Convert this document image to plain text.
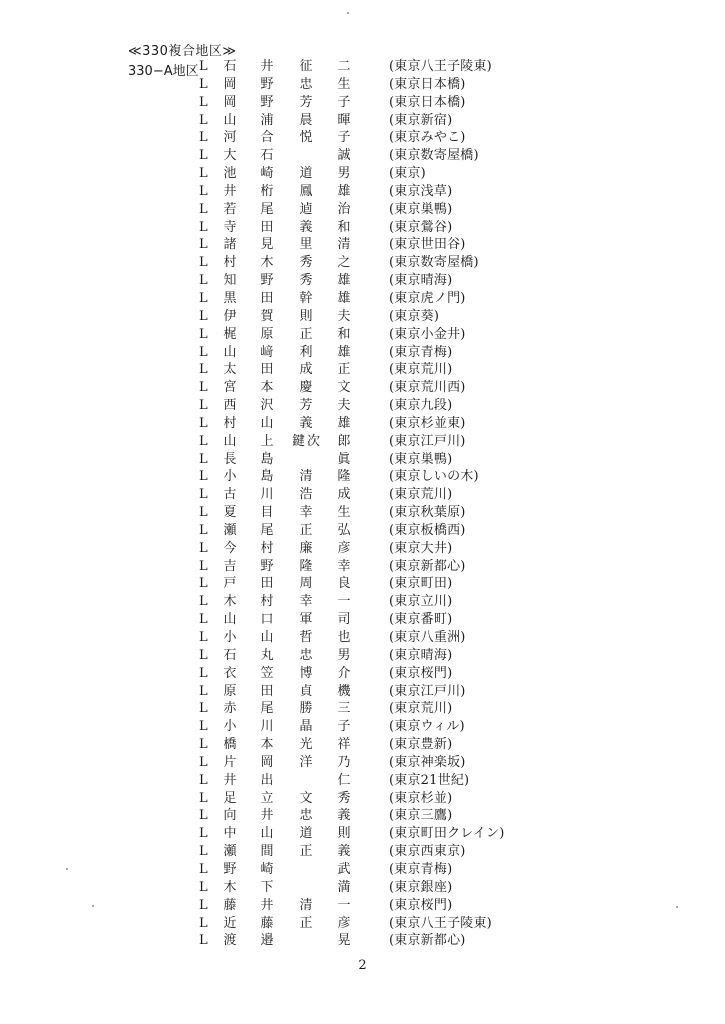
≪330複合地区≫
330−A地区 L	石 井	征	二	(東京八王子陵東)
L	岡 野	忠	生	(東京日本橋)
L	岡 野	芳	子	(東京日本橋)
L	山 浦	晨	暉	(東京新宿)
L	河 合	悦	子	(東京みやこ)
L	大 石	誠	(東京数寄屋橋)
L	池 崎	道	男	(東京)
L	井 桁	鳳	雄	(東京浅草)
L	若 尾	逌	治	(東京巣鴨)
L	寺 田	義	和	(東京鶯谷)
L	諸 見	里	清	(東京世田谷)
L	村 木	秀	之	(東京数寄屋橋)
L	知 野	秀	雄	(東京晴海)
L	黒 田	幹	雄	(東京虎ノ門)
L	伊 賀	則	夫	(東京葵)
L	梶 原	正	和	(東京小金井)
L	山 﨑	利	雄	(東京青梅)
L	太 田	成	正	(東京荒川)
L	宮 本	慶	文	(東京荒川西)
L	西 沢	芳	夫	(東京九段)
L	村 山	義	雄	(東京杉並東)
L	山 上 鍵次 郎	(東京江戸川)
L	長 島	眞	(東京巣鴨)
L	小 島	清	隆	(東京しいの木)
L	古 川	浩	成	(東京荒川)
L	夏 目	幸	生	(東京秋葉原)
L	瀬 尾	正	弘	(東京板橋西)
L	今 村	廉	彦	(東京大井)
L	吉 野	隆	幸	(東京新都心)
L	戸 田	周	良	(東京町田)
L	木 村	幸	一	(東京立川)
L	山 口	軍	司	(東京番町)
L	小 山	哲	也	(東京八重洲)
L	石 丸	忠	男	(東京晴海)
L	衣 笠	博	介	(東京桜門)
L	原 田	貞	機	(東京江戸川)
L	赤 尾	勝	三	(東京荒川)
L	小 川	晶	子	(東京ウィル)
L	橋 本	光	祥	(東京豊新)
L	片 岡	洋	乃	(東京神楽坂)
L	井 出	仁	(東京21世紀)
L	足 立	文	秀	(東京杉並)
L	向 井	忠	義	(東京三鷹)
L	中 山	道	則	(東京町田クレイン)
L	瀬 間	正	義	(東京西東京)
L	野 崎	武	(東京青梅)
L	木 下	満	(東京銀座)
L	藤 井	清	一	(東京桜門)
L	近 藤	正	彦	(東京八王子陵東)
L	渡 邉	晃	(東京新都心)
2
